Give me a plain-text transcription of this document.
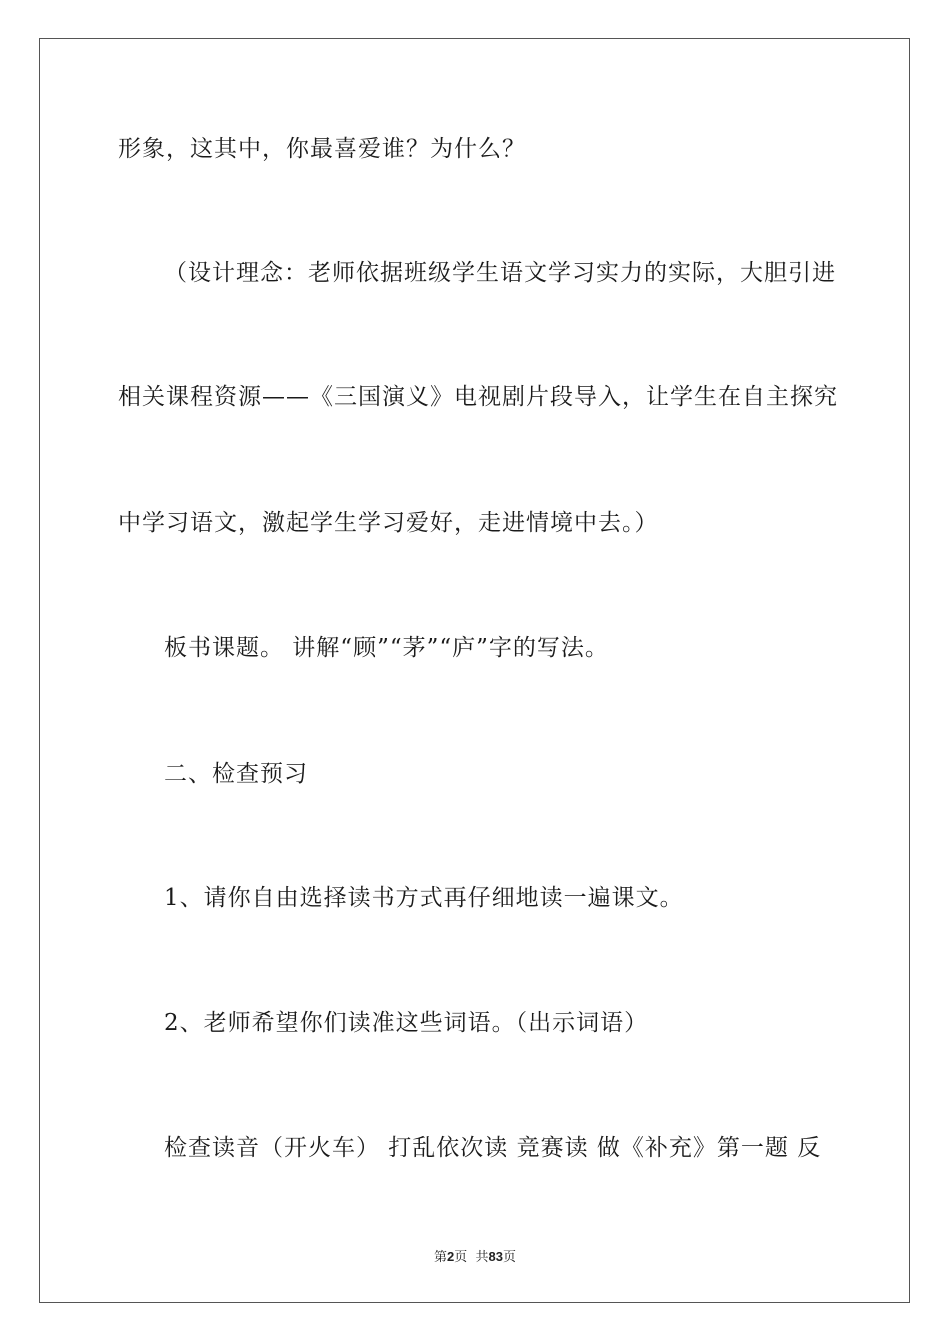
形象，这其中，你最喜爱谁？为什么？
（设计理念：老师依据班级学生语文学习实力的实际，大胆引进
相关课程资源——《三国演义》电视剧片段导入，让学生在自主探究
中学习语文，激起学生学习爱好，走进情境中去。）
板书课题。 讲解“顾”“茅”“庐”字的写法。
二、检查预习
1、请你自由选择读书方式再仔细地读一遍课文。
2、老师希望你们读准这些词语。（出示词语）
检查读音（开火车） 打乱依次读 竞赛读 做《补充》第一题 反
第2页  共83页
